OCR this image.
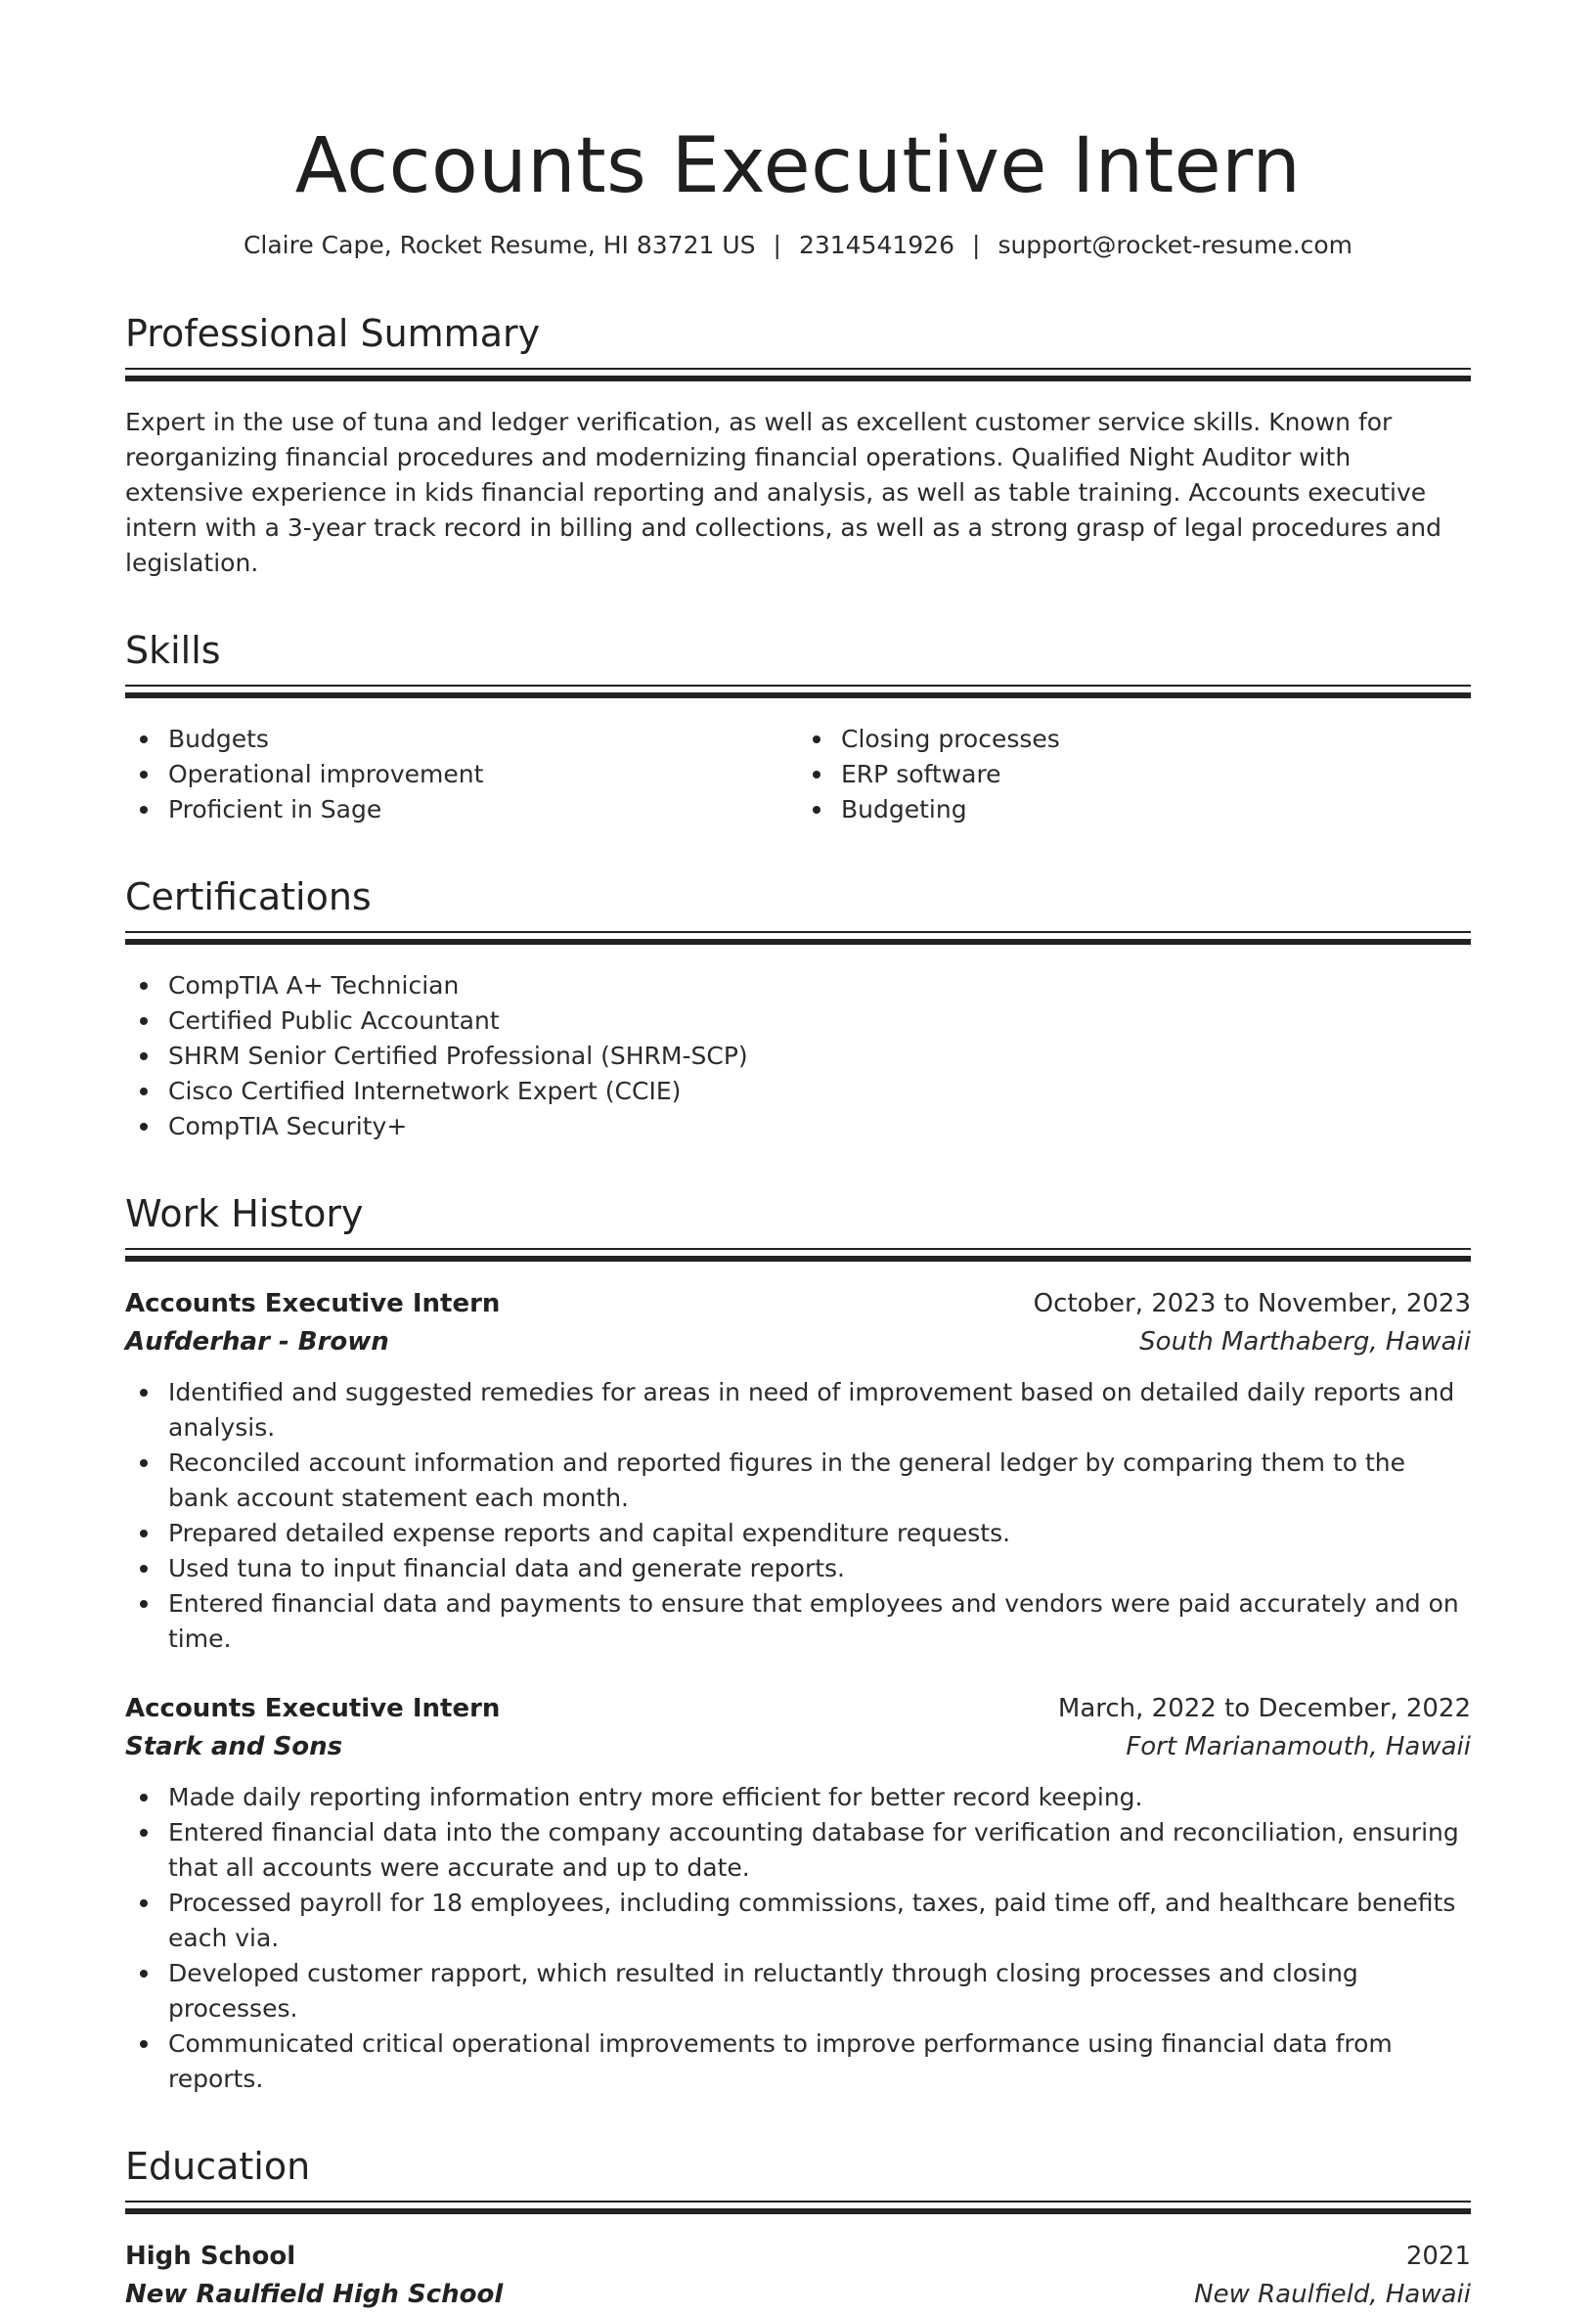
Accounts Executive Intern
Claire Cape, Rocket Resume, HI 83721 US | 2314541926 | support@rocket-resume.com
Professional Summary

Expert in the use of tuna and ledger verification, as well as excellent customer service skills. Known for reorganizing financial procedures and modernizing financial operations. Qualified Night Auditor with extensive experience in kids financial reporting and analysis, as well as table training. Accounts executive intern with a 3-year track record in billing and collections, as well as a strong grasp of legal procedures and legislation.

Skills
Budgets
Operational improvement
Proficient in Sage
Closing processes
ERP software
Budgeting
Certifications
CompTIA A+ Technician
Certified Public Accountant
SHRM Senior Certified Professional (SHRM-SCP)
Cisco Certified Internetwork Expert (CCIE)
CompTIA Security+
Work History
Accounts Executive Intern	October, 2023 to November, 2023
Aufderhar - Brown	South Marthaberg, Hawaii
Identified and suggested remedies for areas in need of improvement based on detailed daily reports and analysis.
Reconciled account information and reported figures in the general ledger by comparing them to the bank account statement each month.
Prepared detailed expense reports and capital expenditure requests.
Used tuna to input financial data and generate reports.
Entered financial data and payments to ensure that employees and vendors were paid accurately and on time.
Accounts Executive Intern	March, 2022 to December, 2022
Stark and Sons	Fort Marianamouth, Hawaii
Made daily reporting information entry more efficient for better record keeping.
Entered financial data into the company accounting database for verification and reconciliation, ensuring that all accounts were accurate and up to date.
Processed payroll for 18 employees, including commissions, taxes, paid time off, and healthcare benefits each via.
Developed customer rapport, which resulted in reluctantly through closing processes and closing processes.
Communicated critical operational improvements to improve performance using financial data from reports.
Education
High School	2021
New Raulfield High School	New Raulfield, Hawaii
